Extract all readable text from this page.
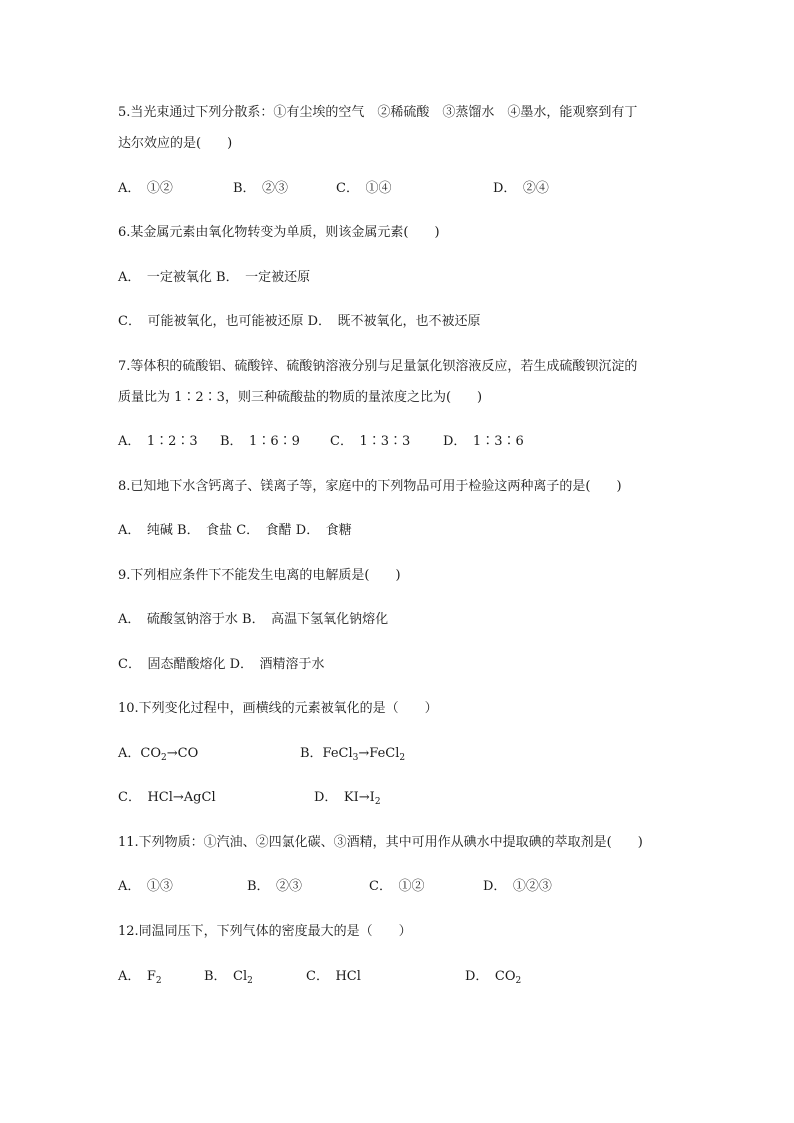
5.当光束通过下列分散系：①有尘埃的空气　②稀硫酸　③蒸馏水　④墨水，能观察到有丁
达尔效应的是(　　)
A．　①②	B．　②③	C．　①④	D．　②④
6.某金属元素由氧化物转变为单质，则该金属元素(　　)
A．　一定被氧化 B．　一定被还原
C．　可能被氧化，也可能被还原 D．　既不被氧化，也不被还原
7.等体积的硫酸铝、硫酸锌、硫酸钠溶液分别与足量氯化钡溶液反应，若生成硫酸钡沉淀的
质量比为 1∶2∶3，则三种硫酸盐的物质的量浓度之比为(　　)
A．　1∶2∶3 B．　1∶6∶9 C．　1∶3∶3	D．　1∶3∶6
8.已知地下水含钙离子、镁离子等，家庭中的下列物品可用于检验这两种离子的是(　　)
A．　纯碱 B．　食盐 C．　食醋 D．　食糖
9.下列相应条件下不能发生电离的电解质是(　　)
A．　硫酸氢钠溶于水 B．　高温下氢氧化钠熔化
C．　固态醋酸熔化 D．　酒精溶于水
10.下列变化过程中，画横线的元素被氧化的是（　　）
A．$CO_2\to CO$	B．FeCl$_3$→FeCl$_2$
C．　HCl→AgCl	D．　$KI\to I_2$
11.下列物质：①汽油、②四氯化碳、③酒精，其中可用作从碘水中提取碘的萃取剂是(　　)
A．　①③	B．　②③	C．　①②	D．　①②③
12.同温同压下，下列气体的密度最大的是（　　）
A．　$F_2$	B．　$Cl_2$	C．　HCl	D．　$CO_2$
